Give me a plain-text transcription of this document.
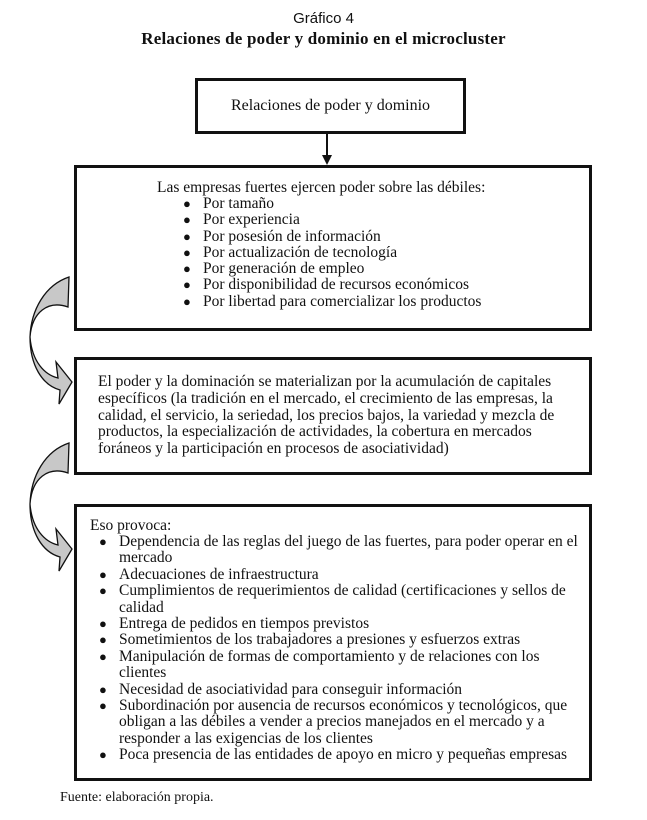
Gráfico 4
Relaciones de poder y dominio en el microcluster
Relaciones de poder y dominio
Las empresas fuertes ejercen poder sobre las débiles:
● Por tamaño
● Por experiencia
● Por posesión de información
● Por actualización de tecnología
● Por generación de empleo
● Por disponibilidad de recursos económicos
● Por libertad para comercializar los productos

El poder y la dominación se materializan por la acumulación de capitales específicos (la tradición en el mercado, el crecimiento de las empresas, la calidad, el servicio, la seriedad, los precios bajos, la variedad y mezcla de productos, la especialización de actividades, la cobertura en mercados foráneos y la participación en procesos de asociatividad)

Eso provoca:
● Dependencia de las reglas del juego de las fuertes, para poder operar en el mercado
● Adecuaciones de infraestructura
● Cumplimientos de requerimientos de calidad (certificaciones y sellos de calidad
● Entrega de pedidos en tiempos previstos
● Sometimientos de los trabajadores a presiones y esfuerzos extras
● Manipulación de formas de comportamiento y de relaciones con los clientes
● Necesidad de asociatividad para conseguir información
● Subordinación por ausencia de recursos económicos y tecnológicos, que obligan a las débiles a vender a precios manejados en el mercado y a responder a las exigencias de los clientes
● Poca presencia de las entidades de apoyo en micro y pequeñas empresas
Fuente: elaboración propia.
